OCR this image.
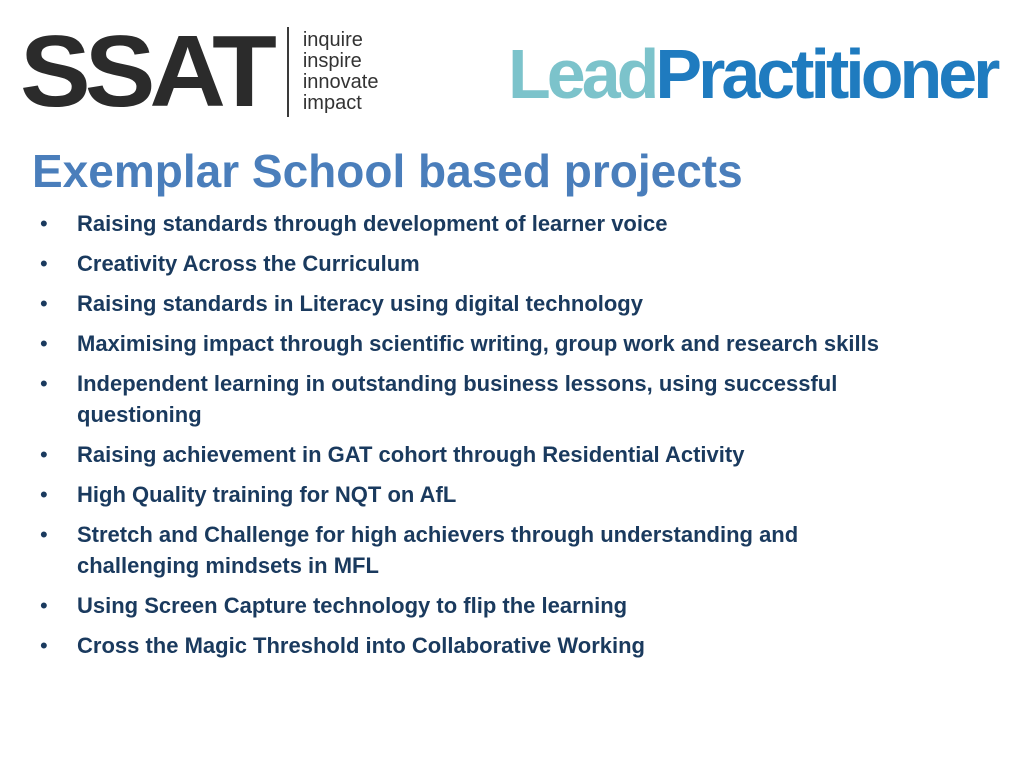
SSAT inquire
inspire
innovate
impact LeadPractitioner
Exemplar School based projects
•	Raising standards through development of learner voice
•	Creativity Across the Curriculum
•	Raising standards in Literacy using digital technology
•	Maximising impact through scientific writing, group work and research skills
•	Independent learning in outstanding business lessons, using successful questioning
•	Raising achievement in GAT cohort through Residential Activity
•	High Quality training for NQT on AfL
•	Stretch and Challenge for high achievers through understanding and challenging mindsets in MFL
•	Using Screen Capture technology to flip the learning
•	Cross the Magic Threshold into Collaborative Working
